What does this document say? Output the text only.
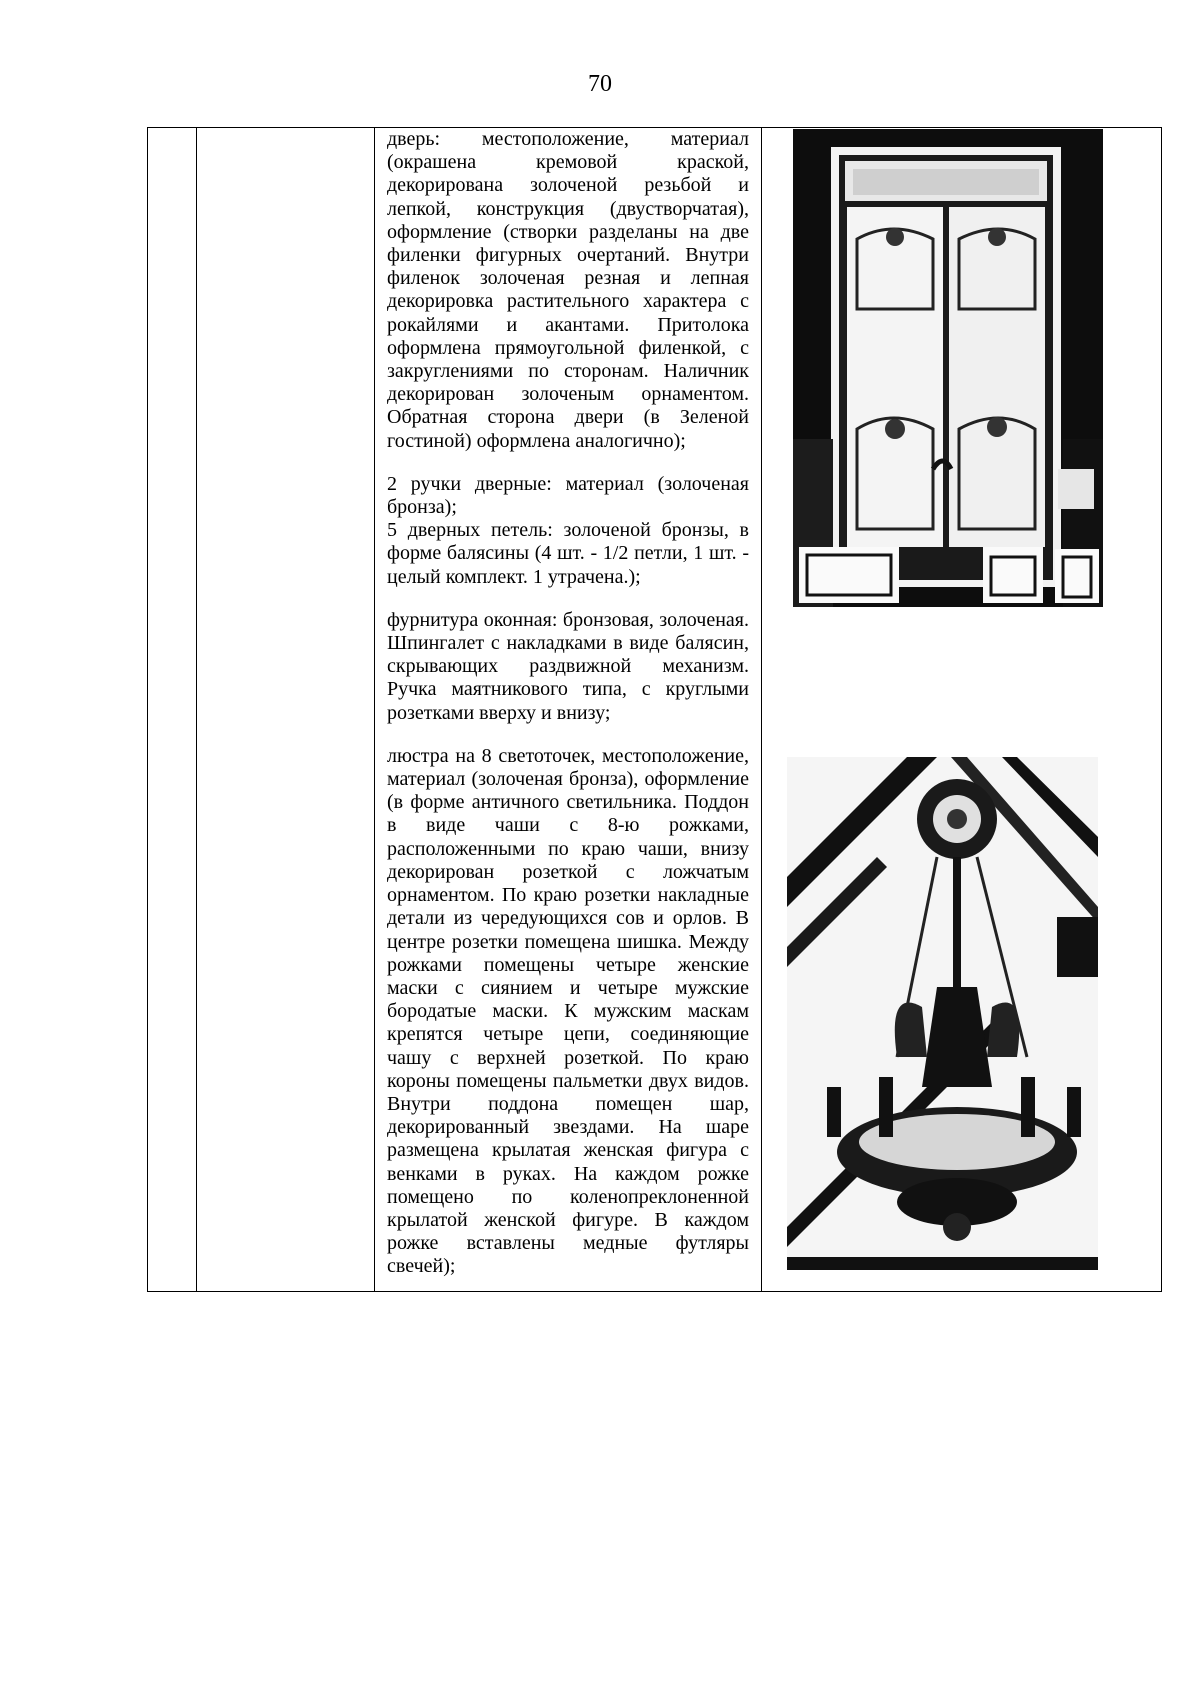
70

дверь: местоположение, материал (окрашена кремовой краской, декорирована золоченой резьбой и лепкой, конструкция (двустворчатая), оформление (створки разделаны на две филенки фигурных очертаний. Внутри филенок золоченая резная и лепная декорировка растительного характера с рокайлями и акантами. Притолока оформлена прямоугольной филенкой, с закруглениями по сторонам. Наличник декорирован золоченым орнаментом. Обратная сторона двери (в Зеленой гостиной) оформлена аналогично);

2 ручки дверные: материал (золоченая бронза);

5 дверных петель: золоченой бронзы, в форме балясины (4 шт. - 1/2 петли, 1 шт. - целый комплект. 1 утрачена.);

фурнитура оконная: бронзовая, золоченая. Шпингалет с накладками в виде балясин, скрывающих раздвижной механизм. Ручка маятникового типа, с круглыми розетками вверху и внизу;

люстра на 8 светоточек, местоположение, материал (золоченая бронза), оформление (в форме античного светильника. Поддон в виде чаши с 8-ю рожками, расположенными по краю чаши, внизу декорирован розеткой с ложчатым орнаментом. По краю розетки накладные детали из чередующихся сов и орлов. В центре розетки помещена шишка. Между рожками помещены четыре женские маски с сиянием и четыре мужские бородатые маски. К мужским маскам крепятся четыре цепи, соединяющие чашу с верхней розеткой. По краю короны помещены пальметки двух видов. Внутри поддона помещен шар, декорированный звездами. На шаре размещена крылатая женская фигура с венками в руках. На каждом рожке помещено по коленопреклоненной крылатой женской фигуре. В каждом рожке вставлены медные футляры свечей);
